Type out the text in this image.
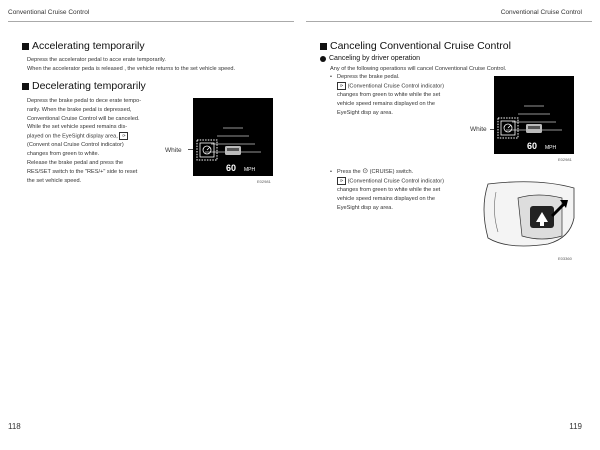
Conventional Cruise Control
Accelerating temporarily
Depress the accelerator pedal to acce erate temporarily.
When the accelerator peda is released , the vehicle returns to the set vehicle speed.
Decelerating temporarily
Depress the brake pedal to dece erate tempo-
rarily. When the brake pedal is depressed,
Conventional Cruise Control will be canceled.
While the set vehicle speed remains dis-
played on the EyeSight display area, ⟳
(Convent onal Cruise Control indicator)
changes from green to white.
Release the brake pedal and press the
RES/SET switch to the "RES/+" side to reset
the set vehicle speed.
White
60 MPH
E02981
118
Conventional Cruise Control
Canceling Conventional Cruise Control
Canceling by driver operation
Any of the following operations will cancel Conventional Cruise Control.
• Depress the brake pedal.
⟳ (Conventional Cruise Control indicator)
changes from green to white while the set
vehicle speed remains displayed on the
EyeSight disp ay area.
White
60 MPH
E02981
• Press the ⊙ (CRUISE) switch.
⟳ (Conventional Cruise Control indicator)
changes from green to white while the set
vehicle speed remains displayed on the
EyeSight disp ay area.
E03360
119
